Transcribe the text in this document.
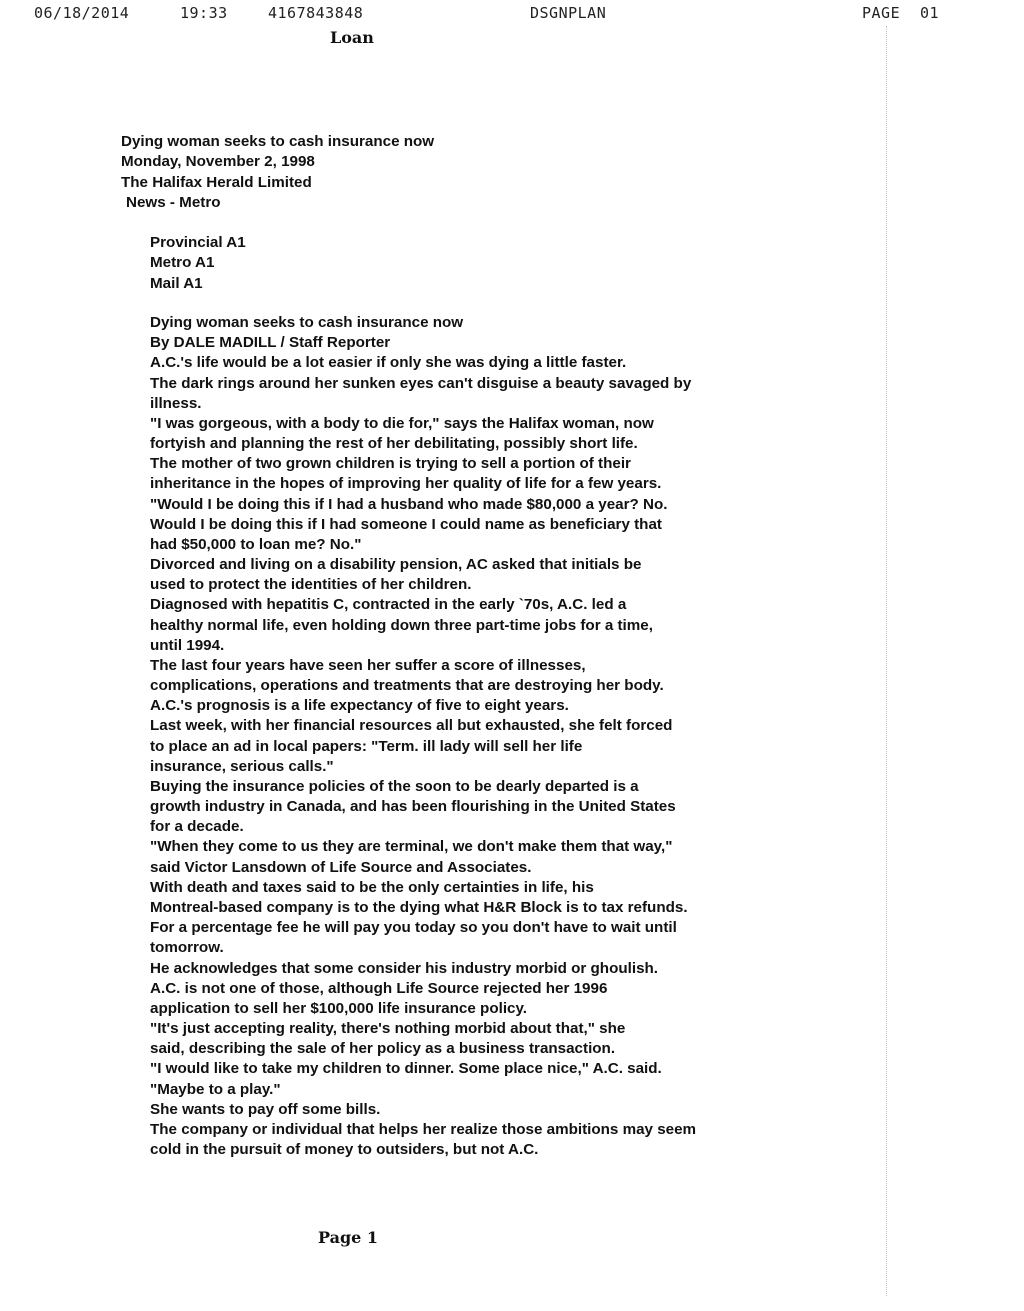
06/18/2014	19:33	4167843848	DSGNPLAN	PAGE 01
Loan
Dying woman seeks to cash insurance now
Monday, November 2, 1998
The Halifax Herald Limited
News - Metro
Provincial A1
Metro A1
Mail A1
Dying woman seeks to cash insurance now
By DALE MADILL / Staff Reporter
A.C.'s life would be a lot easier if only she was dying a little faster.
The dark rings around her sunken eyes can't disguise a beauty savaged by
illness.
"I was gorgeous, with a body to die for," says the Halifax woman, now
fortyish and planning the rest of her debilitating, possibly short life.
The mother of two grown children is trying to sell a portion of their
inheritance in the hopes of improving her quality of life for a few years.
"Would I be doing this if I had a husband who made $80,000 a year? No.
Would I be doing this if I had someone I could name as beneficiary that
had $50,000 to loan me? No."
Divorced and living on a disability pension, AC asked that initials be
used to protect the identities of her children.
Diagnosed with hepatitis C, contracted in the early `70s, A.C. led a
healthy normal life, even holding down three part-time jobs for a time,
until 1994.
The last four years have seen her suffer a score of illnesses,
complications, operations and treatments that are destroying her body.
A.C.'s prognosis is a life expectancy of five to eight years.
Last week, with her financial resources all but exhausted, she felt forced
to place an ad in local papers: "Term. ill lady will sell her life
insurance, serious calls."
Buying the insurance policies of the soon to be dearly departed is a
growth industry in Canada, and has been flourishing in the United States
for a decade.
"When they come to us they are terminal, we don't make them that way,"
said Victor Lansdown of Life Source and Associates.
With death and taxes said to be the only certainties in life, his
Montreal-based company is to the dying what H&R Block is to tax refunds.
For a percentage fee he will pay you today so you don't have to wait until
tomorrow.
He acknowledges that some consider his industry morbid or ghoulish.
A.C. is not one of those, although Life Source rejected her 1996
application to sell her $100,000 life insurance policy.
"It's just accepting reality, there's nothing morbid about that," she
said, describing the sale of her policy as a business transaction.
"I would like to take my children to dinner. Some place nice," A.C. said.
"Maybe to a play."
She wants to pay off some bills.
The company or individual that helps her realize those ambitions may seem
cold in the pursuit of money to outsiders, but not A.C.
Page 1
